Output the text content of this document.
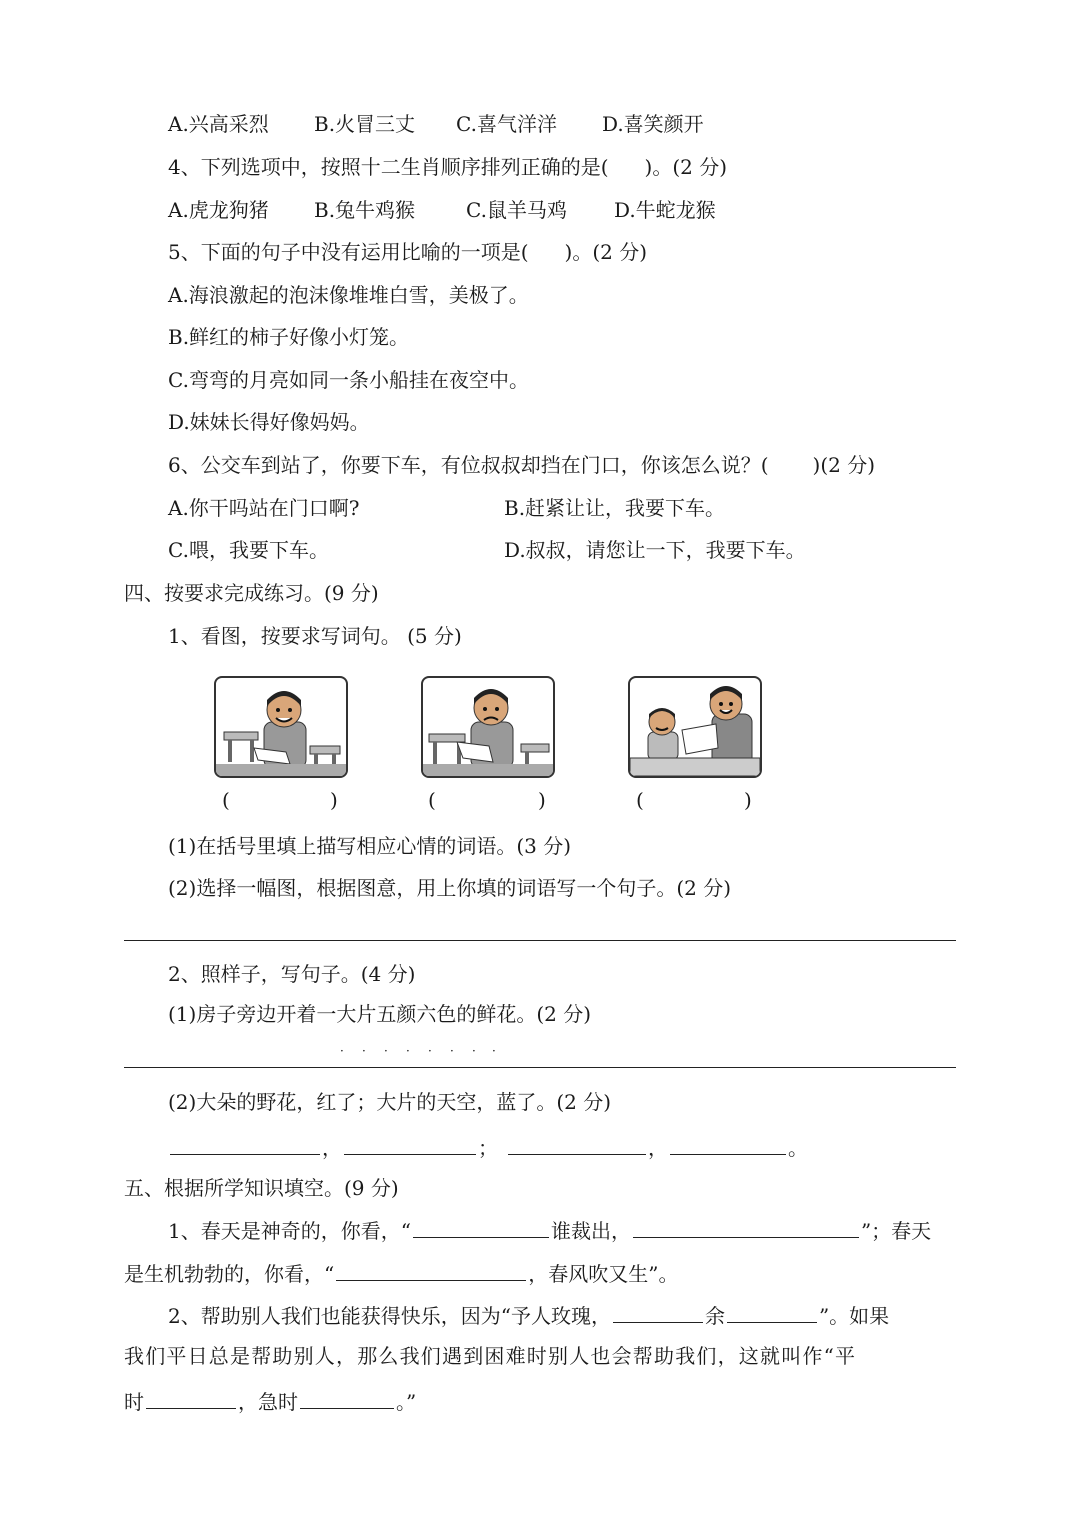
A.兴高采烈 B.火冒三丈 C.喜气洋洋 D.喜笑颜开
4、下列选项中，按照十二生肖顺序排列正确的是( )。(2 分)
A.虎龙狗猪 B.兔牛鸡猴	C.鼠羊马鸡 D.牛蛇龙猴
5、下面的句子中没有运用比喻的一项是( )。(2 分)
A.海浪激起的泡沫像堆堆白雪，美极了。
B.鲜红的柿子好像小灯笼。
C.弯弯的月亮如同一条小船挂在夜空中。
D.妹妹长得好像妈妈。
6、公交车到站了，你要下车，有位叔叔却挡在门口，你该怎么说？( )(2 分)
A.你干吗站在门口啊?	B.赶紧让让，我要下车。
C.喂，我要下车。	D.叔叔，请您让一下，我要下车。
四、按要求完成练习。(9 分)
1、看图，按要求写词句。 (5 分)
(	)	(	)	(	)
(1)在括号里填上描写相应心情的词语。(3 分)
(2)选择一幅图，根据图意，用上你填的词语写一个句子。(2 分)
2、照样子，写句子。(4 分)
(1)房子旁边开着一大片五颜六色的鲜花。(2 分)
· · · · · · · ·
(2)大朵的野花，红了；大片的天空，蓝了。(2 分)
，	；	，	。
五、根据所学知识填空。(9 分)
1、春天是神奇的，你看，“	谁裁出，	”；春天
是生机勃勃的，你看，“	，春风吹又生”。
2、帮助别人我们也能获得快乐，因为“予人玫瑰，	余	”。如果
我们平日总是帮助别人，那么我们遇到困难时别人也会帮助我们，这就叫作“平
时	，急时	。”
